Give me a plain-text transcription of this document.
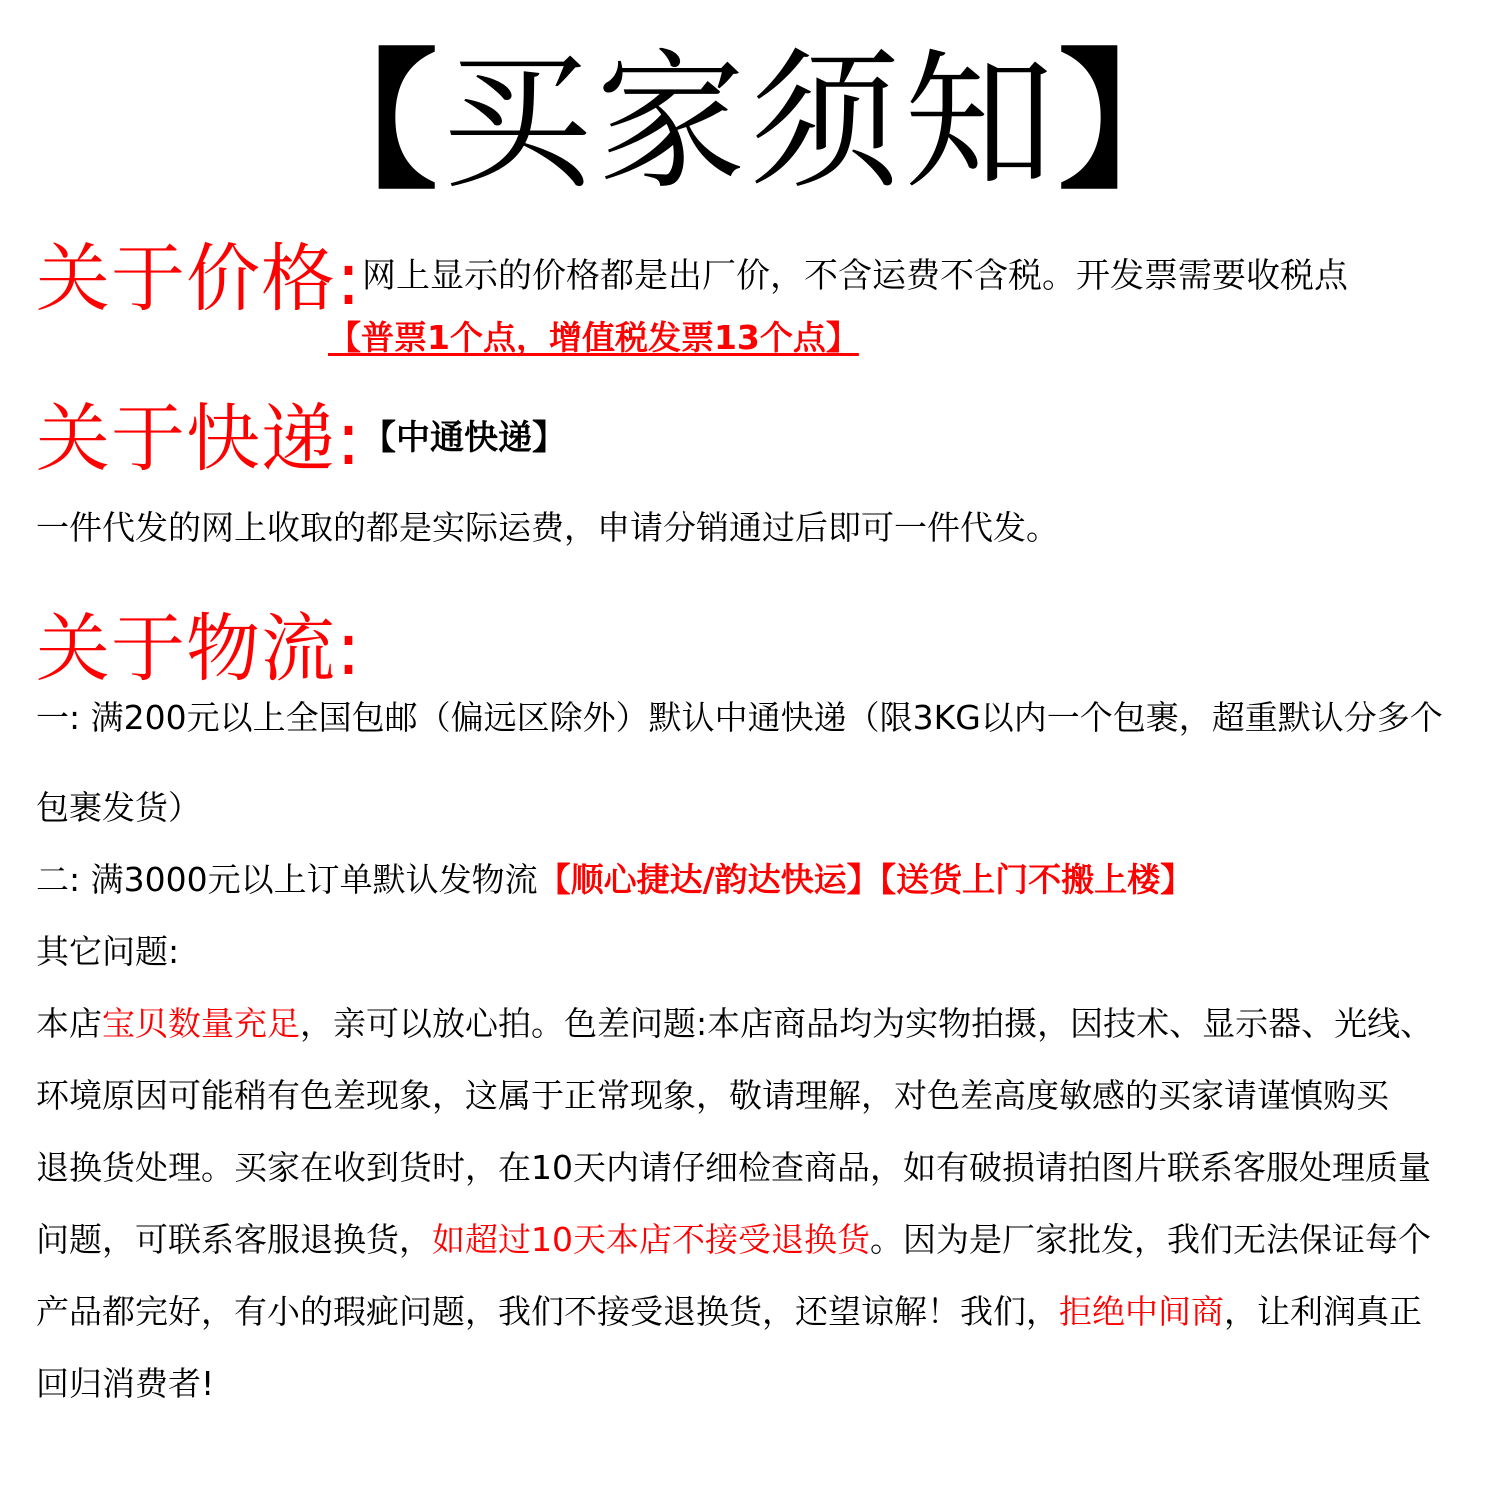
【买家须知】
关于价格: 网上显示的价格都是出厂价，不含运费不含税。开发票需要收税点
【普票1个点，增值税发票13个点】
关于快递: 【中通快递】
一件代发的网上收取的都是实际运费，申请分销通过后即可一件代发。
关于物流:
一: 满200元以上全国包邮（偏远区除外）默认中通快递（限3KG以内一个包裹，超重默认分多个
包裹发货）
二: 满3000元以上订单默认发物流【顺心捷达/韵达快运】【送货上门不搬上楼】
其它问题:
本店宝贝数量充足，亲可以放心拍。色差问题:本店商品均为实物拍摄，因技术、显示器、光线、
环境原因可能稍有色差现象，这属于正常现象，敬请理解，对色差高度敏感的买家请谨慎购买
退换货处理。买家在收到货时，在10天内请仔细检查商品，如有破损请拍图片联系客服处理质量
问题，可联系客服退换货，如超过10天本店不接受退换货。因为是厂家批发，我们无法保证每个
产品都完好，有小的瑕疵问题，我们不接受退换货，还望谅解！我们，拒绝中间商，让利润真正
回归消费者!
